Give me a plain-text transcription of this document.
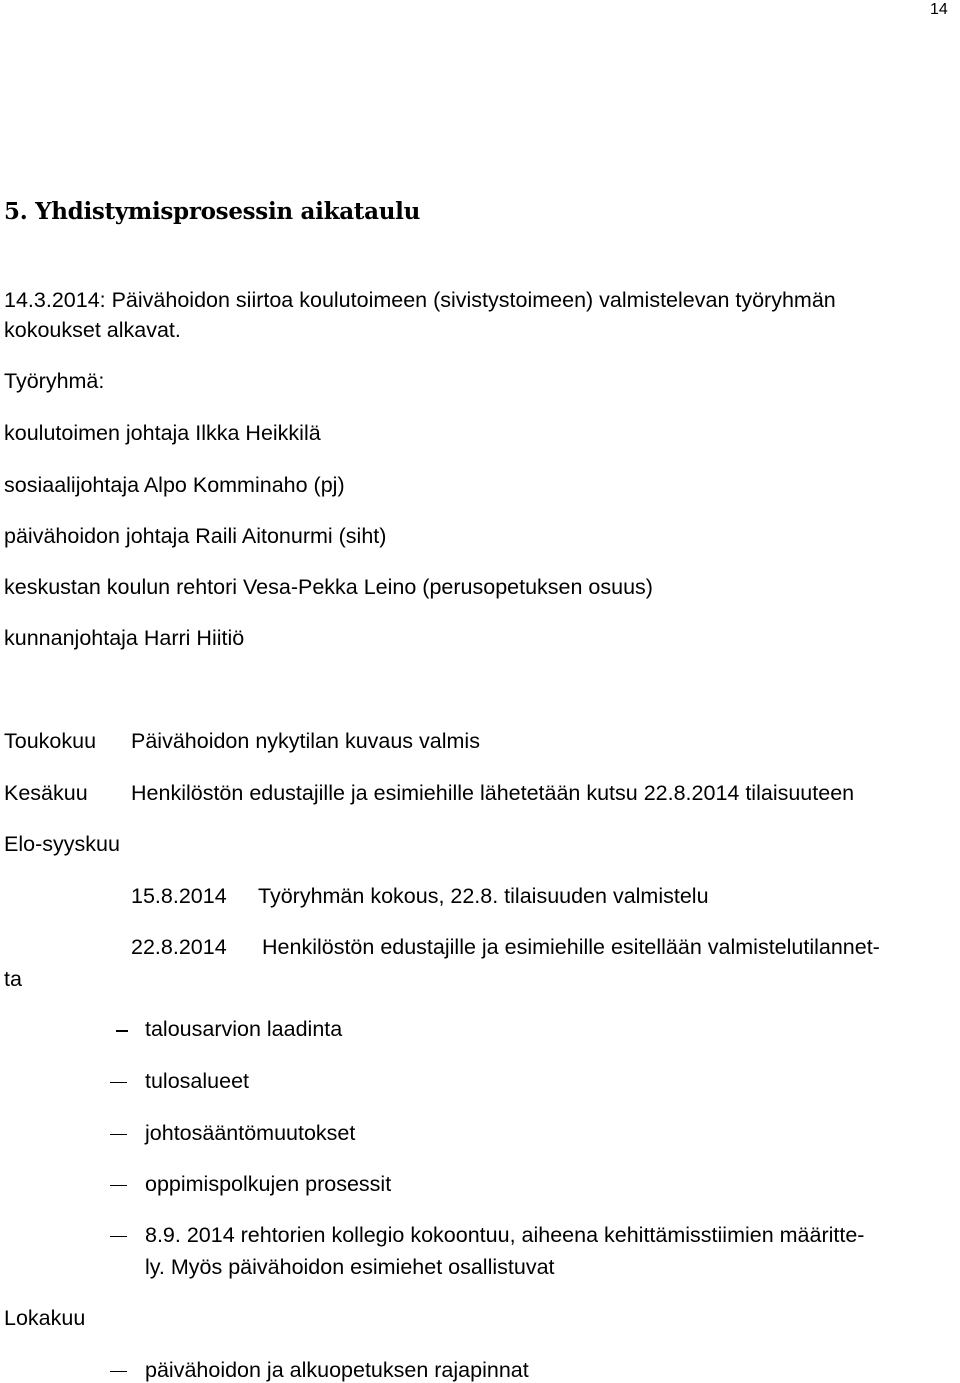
14
5. Yhdistymisprosessin aikataulu
14.3.2014: Päivähoidon siirtoa koulutoimeen (sivistystoimeen) valmistelevan työryhmän
kokoukset alkavat.
Työryhmä:
koulutoimen johtaja Ilkka Heikkilä
sosiaalijohtaja Alpo Komminaho (pj)
päivähoidon johtaja Raili Aitonurmi (siht)
keskustan koulun rehtori Vesa-Pekka Leino (perusopetuksen osuus)
kunnanjohtaja Harri Hiitiö
Toukokuu Päivähoidon nykytilan kuvaus valmis
Kesäkuu Henkilöstön edustajille ja esimiehille lähetetään kutsu 22.8.2014 tilaisuuteen
Elo-syyskuu
15.8.2014 Työryhmän kokous, 22.8. tilaisuuden valmistelu
22.8.2014 Henkilöstön edustajille ja esimiehille esitellään valmistelutilannet-
ta
talousarvion laadinta
tulosalueet
johtosääntömuutokset
oppimispolkujen prosessit
8.9. 2014 rehtorien kollegio kokoontuu, aiheena kehittämisstiimien määritte-
ly. Myös päivähoidon esimiehet osallistuvat
Lokakuu
päivähoidon ja alkuopetuksen rajapinnat
